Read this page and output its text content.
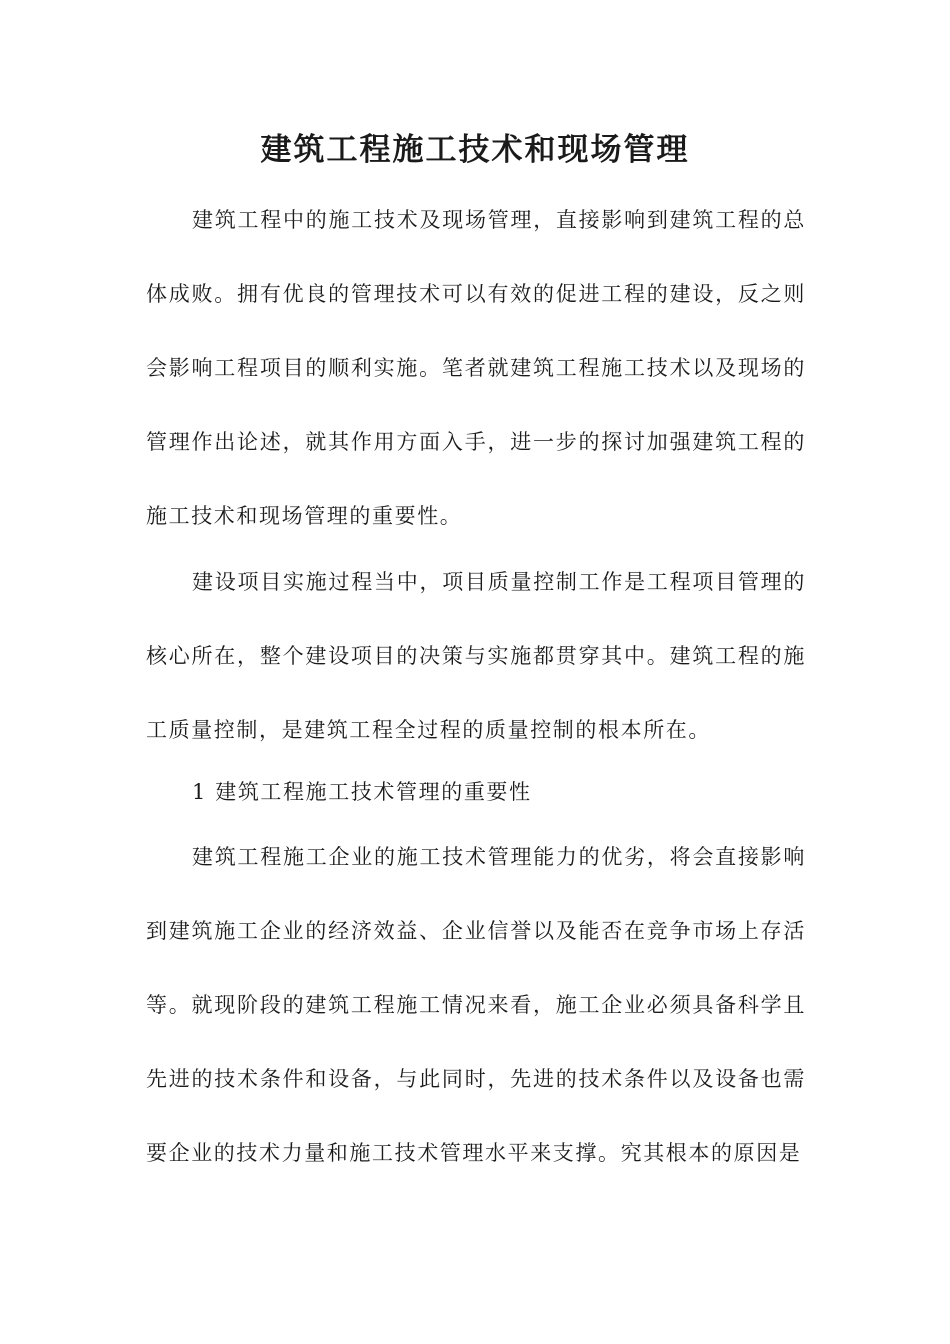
建筑工程施工技术和现场管理

建筑工程中的施工技术及现场管理，直接影响到建筑工程的总体成败。拥有优良的管理技术可以有效的促进工程的建设，反之则会影响工程项目的顺利实施。笔者就建筑工程施工技术以及现场的管理作出论述，就其作用方面入手，进一步的探讨加强建筑工程的施工技术和现场管理的重要性。

建设项目实施过程当中，项目质量控制工作是工程项目管理的核心所在，整个建设项目的决策与实施都贯穿其中。建筑工程的施工质量控制，是建筑工程全过程的质量控制的根本所在。

1 建筑工程施工技术管理的重要性

建筑工程施工企业的施工技术管理能力的优劣，将会直接影响到建筑施工企业的经济效益、企业信誉以及能否在竞争市场上存活等。就现阶段的建筑工程施工情况来看，施工企业必须具备科学且先进的技术条件和设备，与此同时，先进的技术条件以及设备也需要企业的技术力量和施工技术管理水平来支撑。究其根本的原因是
